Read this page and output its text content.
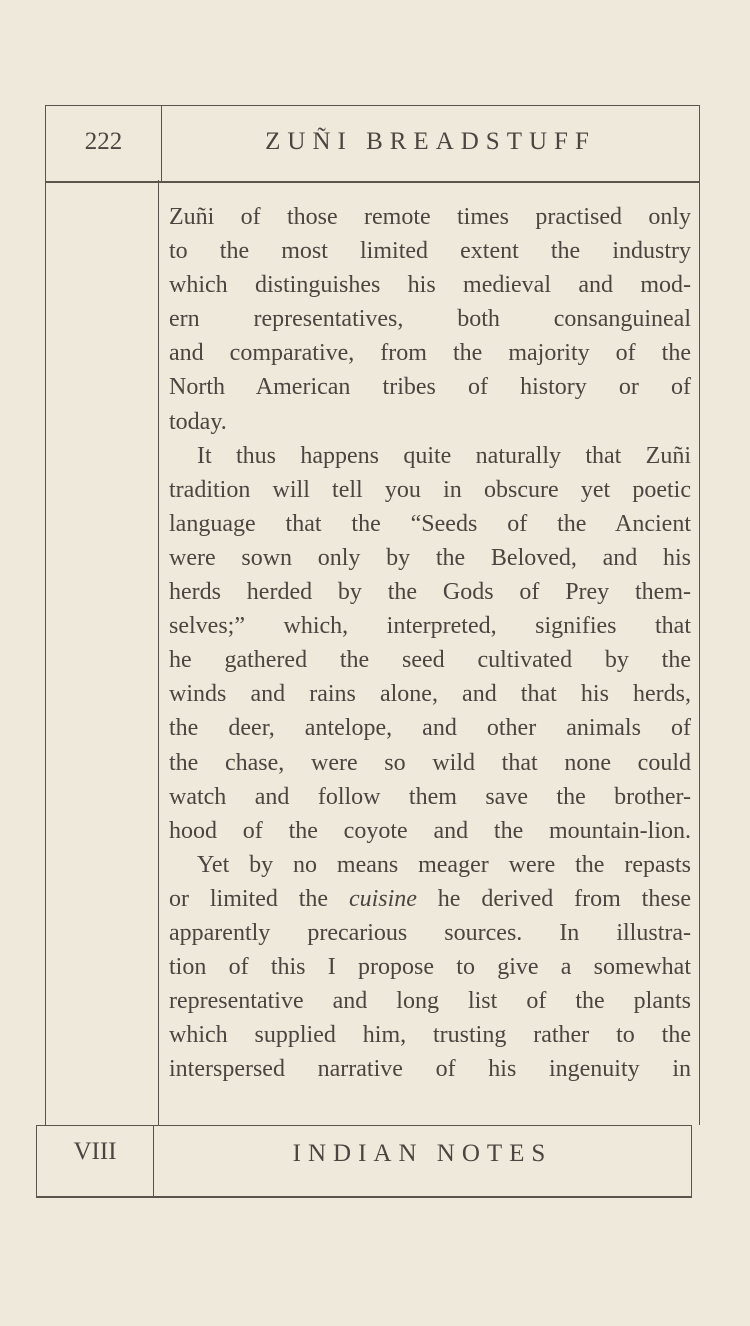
222	ZUÑI BREADSTUFF
Zuñi of those remote times practised only
to the most limited extent the industry
which distinguishes his medieval and mod-
ern representatives, both consanguineal
and comparative, from the majority of the
North American tribes of history or of
today.
It thus happens quite naturally that Zuñi
tradition will tell you in obscure yet poetic
language that the “Seeds of the Ancient
were sown only by the Beloved, and his
herds herded by the Gods of Prey them-
selves;” which, interpreted, signifies that
he gathered the seed cultivated by the
winds and rains alone, and that his herds,
the deer, antelope, and other animals of
the chase, were so wild that none could
watch and follow them save the brother-
hood of the coyote and the mountain-lion.
Yet by no means meager were the repasts
or limited the cuisine he derived from these
apparently precarious sources. In illustra-
tion of this I propose to give a somewhat
representative and long list of the plants
which supplied him, trusting rather to the
interspersed narrative of his ingenuity in
VIII	INDIAN NOTES
